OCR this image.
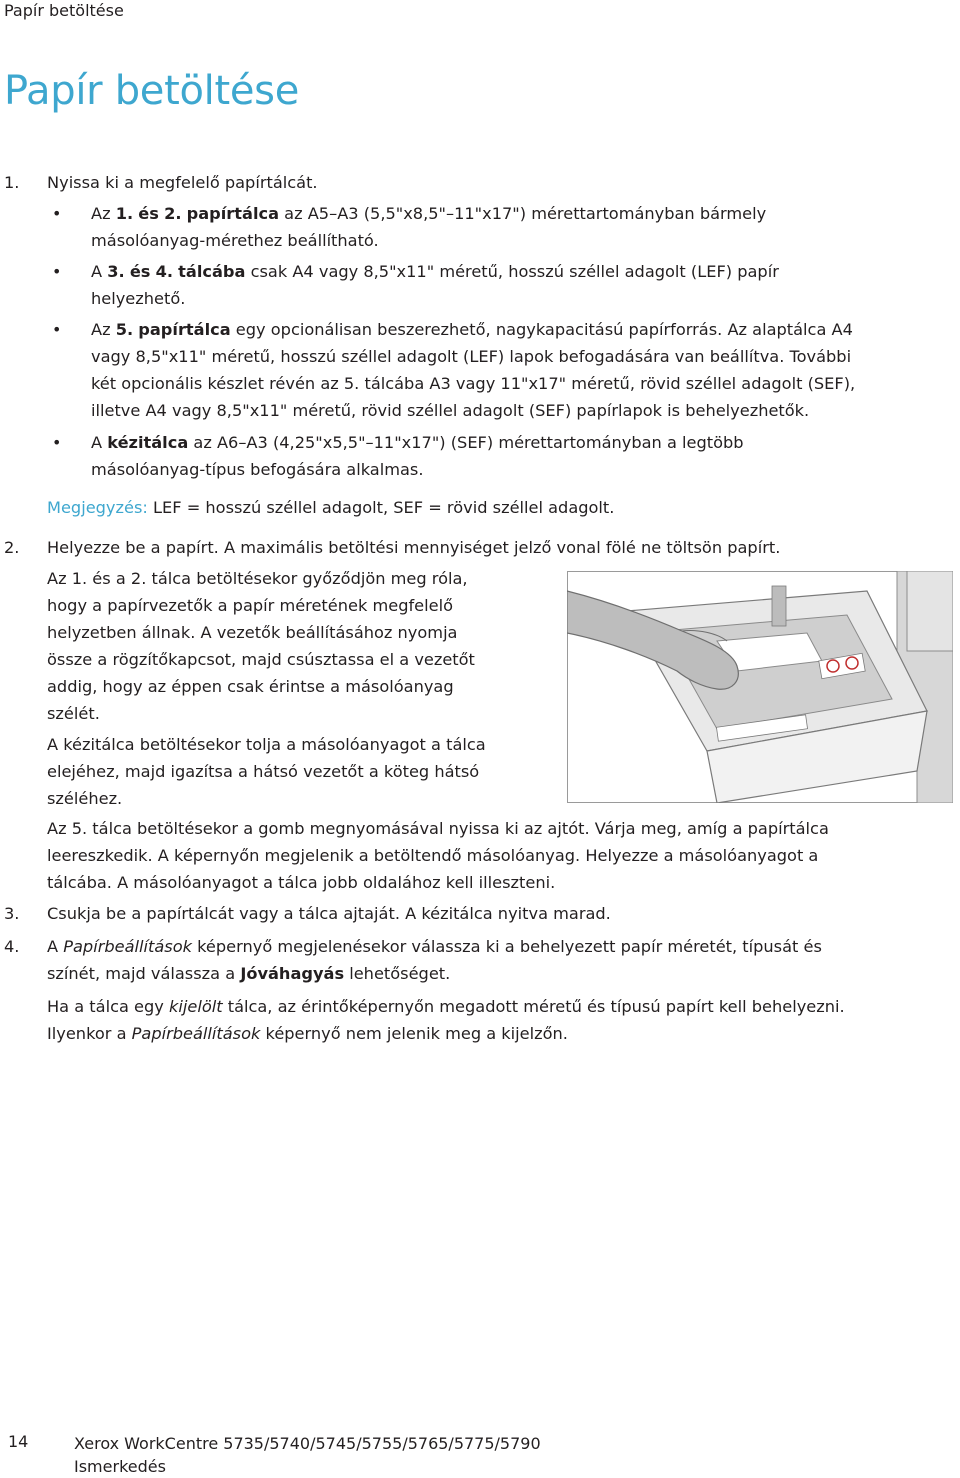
Papír betöltése
Papír betöltése
1. Nyissa ki a megfelelő papírtálcát.
• Az 1. és 2. papírtálca az A5–A3 (5,5"x8,5"–11"x17") mérettartományban bármely
másolóanyag-mérethez beállítható.
• A 3. és 4. tálcába csak A4 vagy 8,5"x11" méretű, hosszú széllel adagolt (LEF) papír
helyezhető.
• Az 5. papírtálca egy opcionálisan beszerezhető, nagykapacitású papírforrás. Az alaptálca A4
vagy 8,5"x11" méretű, hosszú széllel adagolt (LEF) lapok befogadására van beállítva. További
két opcionális készlet révén az 5. tálcába A3 vagy 11"x17" méretű, rövid széllel adagolt (SEF),
illetve A4 vagy 8,5"x11" méretű, rövid széllel adagolt (SEF) papírlapok is behelyezhetők.
• A kézitálca az A6–A3 (4,25"x5,5"–11"x17") (SEF) mérettartományban a legtöbb
másolóanyag-típus befogására alkalmas.
Megjegyzés: LEF = hosszú széllel adagolt, SEF = rövid széllel adagolt.
2. Helyezze be a papírt. A maximális betöltési mennyiséget jelző vonal fölé ne töltsön papírt.
Az 1. és a 2. tálca betöltésekor győződjön meg róla,
hogy a papírvezetők a papír méretének megfelelő
helyzetben állnak. A vezetők beállításához nyomja
össze a rögzítőkapcsot, majd csúsztassa el a vezetőt
addig, hogy az éppen csak érintse a másolóanyag
szélét.
A kézitálca betöltésekor tolja a másolóanyagot a tálca
elejéhez, majd igazítsa a hátsó vezetőt a köteg hátsó
széléhez.
Az 5. tálca betöltésekor a gomb megnyomásával nyissa ki az ajtót. Várja meg, amíg a papírtálca
leereszkedik. A képernyőn megjelenik a betöltendő másolóanyag. Helyezze a másolóanyagot a
tálcába. A másolóanyagot a tálca jobb oldalához kell illeszteni.
3. Csukja be a papírtálcát vagy a tálca ajtaját. A kézitálca nyitva marad.
4. A Papírbeállítások képernyő megjelenésekor válassza ki a behelyezett papír méretét, típusát és
színét, majd válassza a Jóváhagyás lehetőséget.
Ha a tálca egy kijelölt tálca, az érintőképernyőn megadott méretű és típusú papírt kell behelyezni.
Ilyenkor a Papírbeállítások képernyő nem jelenik meg a kijelzőn.
14	Xerox WorkCentre 5735/5740/5745/5755/5765/5775/5790
Ismerkedés
